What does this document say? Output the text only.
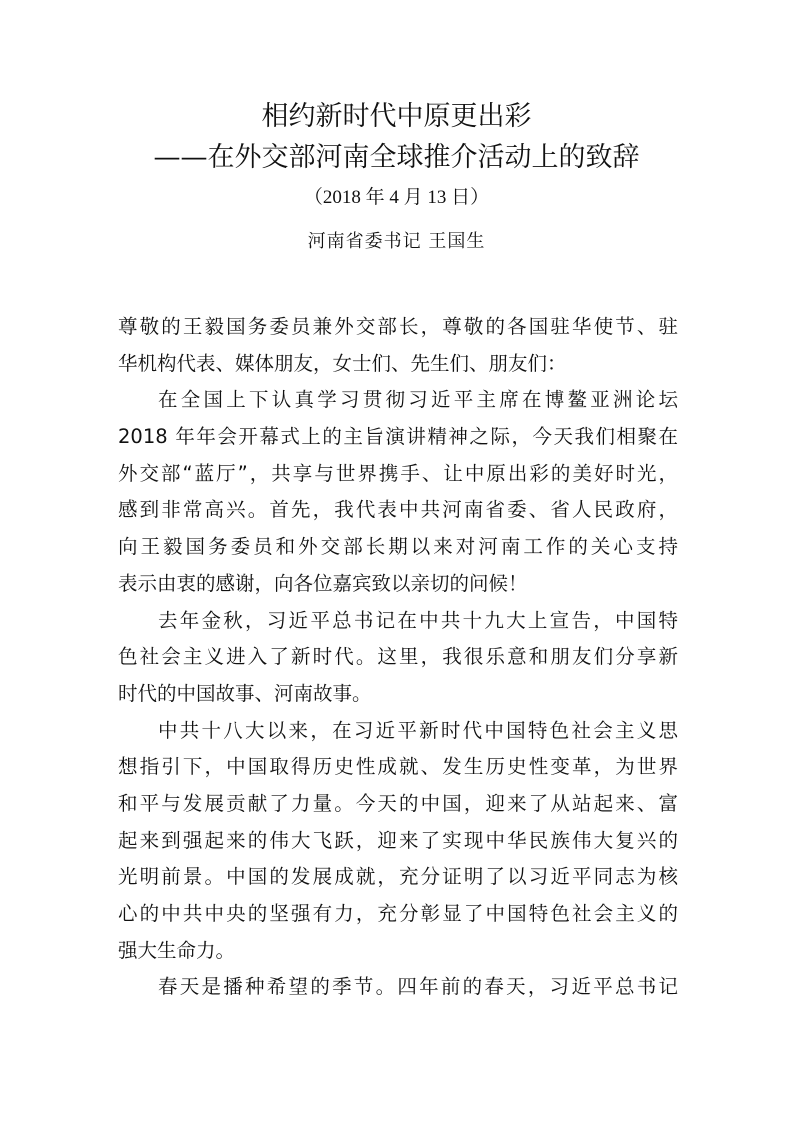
相约新时代中原更出彩
——在外交部河南全球推介活动上的致辞
（2018 年 4 月 13 日）
河南省委书记 王国生
尊敬的王毅国务委员兼外交部长，尊敬的各国驻华使节、驻
华机构代表、媒体朋友，女士们、先生们、朋友们：
在全国上下认真学习贯彻习近平主席在博鳌亚洲论坛
2018 年年会开幕式上的主旨演讲精神之际，今天我们相聚在
外交部“蓝厅”，共享与世界携手、让中原出彩的美好时光，
感到非常高兴。首先，我代表中共河南省委、省人民政府，
向王毅国务委员和外交部长期以来对河南工作的关心支持
表示由衷的感谢，向各位嘉宾致以亲切的问候！
去年金秋，习近平总书记在中共十九大上宣告，中国特
色社会主义进入了新时代。这里，我很乐意和朋友们分享新
时代的中国故事、河南故事。
中共十八大以来，在习近平新时代中国特色社会主义思
想指引下，中国取得历史性成就、发生历史性变革，为世界
和平与发展贡献了力量。今天的中国，迎来了从站起来、富
起来到强起来的伟大飞跃，迎来了实现中华民族伟大复兴的
光明前景。中国的发展成就，充分证明了以习近平同志为核
心的中共中央的坚强有力，充分彰显了中国特色社会主义的
强大生命力。
春天是播种希望的季节。四年前的春天，习近平总书记
